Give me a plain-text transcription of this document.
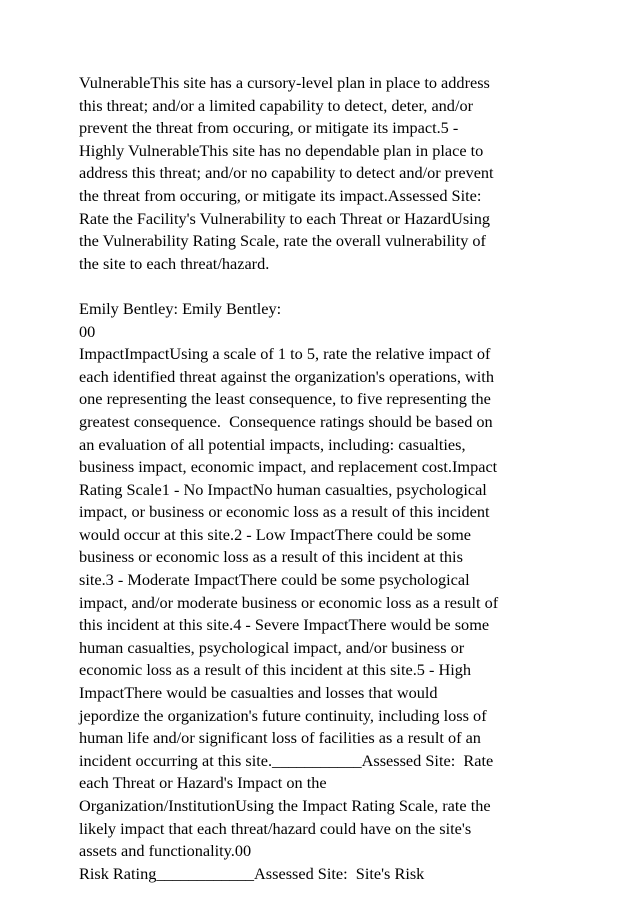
VulnerableThis site has a cursory-level plan in place to address
this threat; and/or a limited capability to detect, deter, and/or
prevent the threat from occuring, or mitigate its impact.5 -
Highly VulnerableThis site has no dependable plan in place to
address this threat; and/or no capability to detect and/or prevent
the threat from occuring, or mitigate its impact.Assessed Site:
Rate the Facility's Vulnerability to each Threat or HazardUsing
the Vulnerability Rating Scale, rate the overall vulnerability of
the site to each threat/hazard.
Emily Bentley: Emily Bentley:
00
ImpactImpactUsing a scale of 1 to 5, rate the relative impact of
each identified threat against the organization's operations, with
one representing the least consequence, to five representing the
greatest consequence.  Consequence ratings should be based on
an evaluation of all potential impacts, including: casualties,
business impact, economic impact, and replacement cost.Impact
Rating Scale1 - No ImpactNo human casualties, psychological
impact, or business or economic loss as a result of this incident
would occur at this site.2 - Low ImpactThere could be some
business or economic loss as a result of this incident at this
site.3 - Moderate ImpactThere could be some psychological
impact, and/or moderate business or economic loss as a result of
this incident at this site.4 - Severe ImpactThere would be some
human casualties, psychological impact, and/or business or
economic loss as a result of this incident at this site.5 - High
ImpactThere would be casualties and losses that would
jepordize the organization's future continuity, including loss of
human life and/or significant loss of facilities as a result of an
incident occurring at this site.___________Assessed Site:  Rate
each Threat or Hazard's Impact on the
Organization/InstitutionUsing the Impact Rating Scale, rate the
likely impact that each threat/hazard could have on the site's
assets and functionality.00
Risk Rating____________Assessed Site:  Site's Risk
